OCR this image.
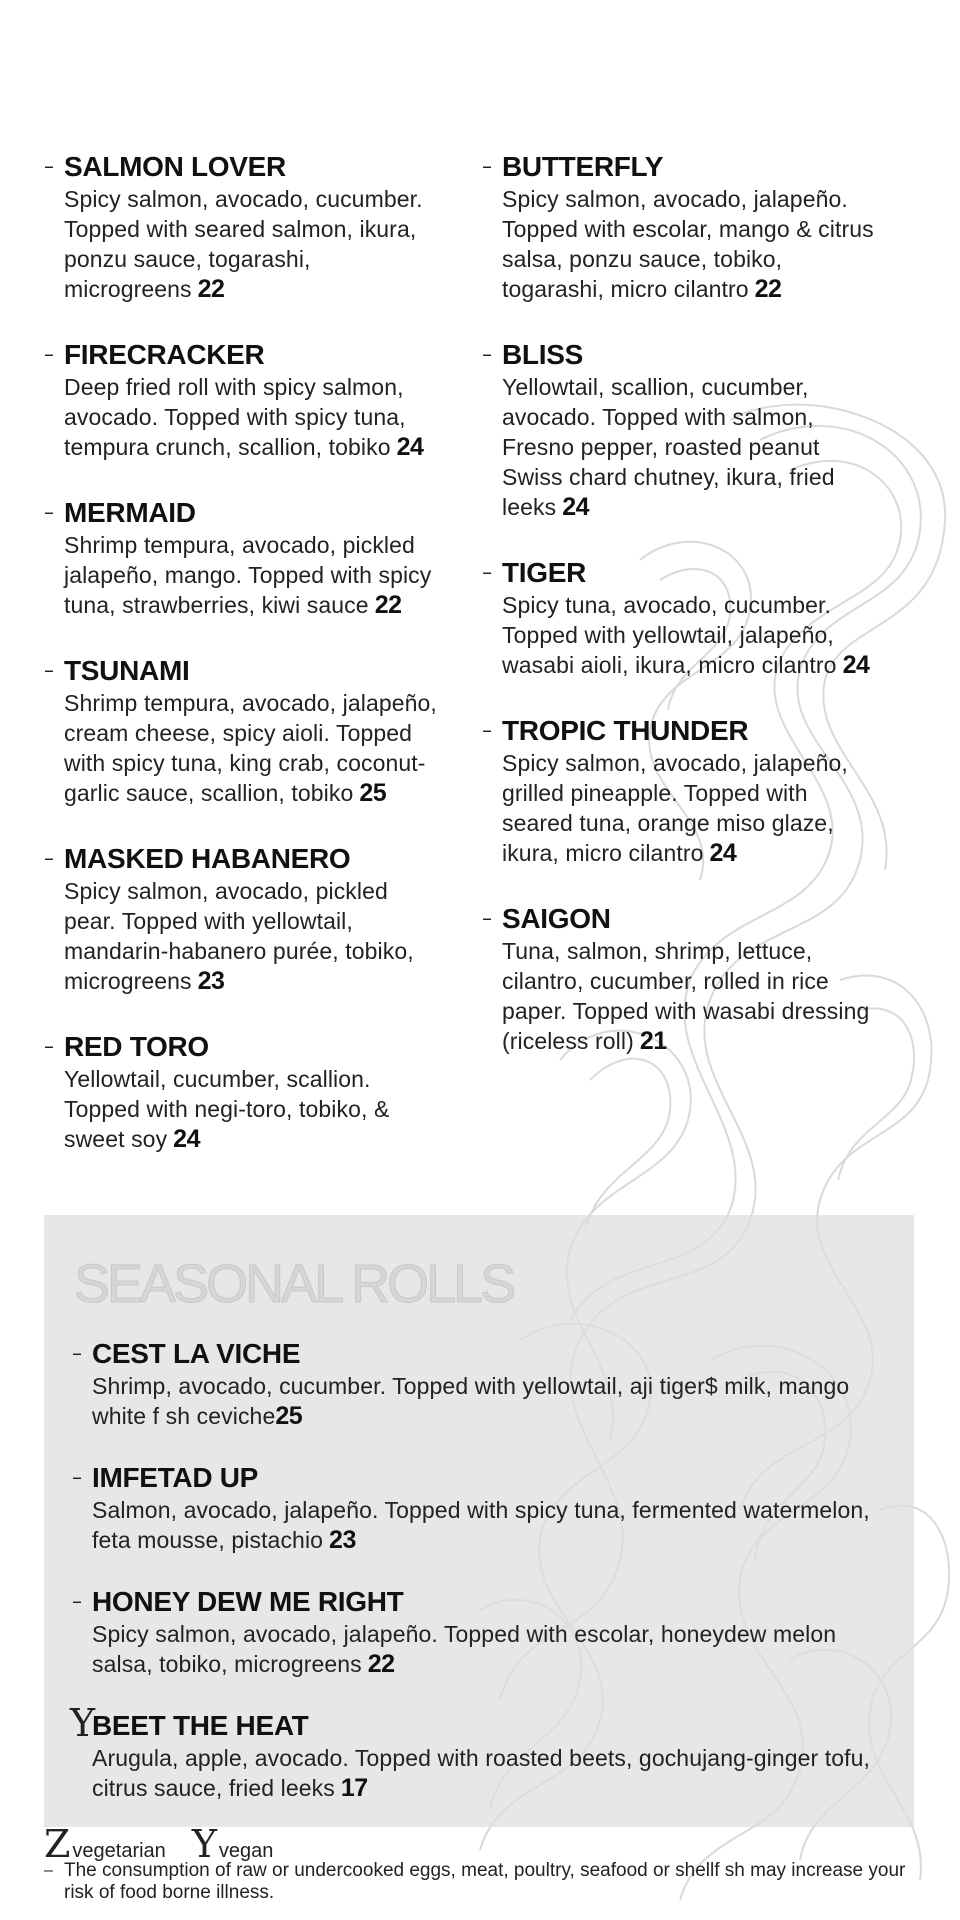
– SALMON LOVER
Spicy salmon, avocado, cucumber. Topped with seared salmon, ikura, ponzu sauce, togarashi, microgreens 22
– FIRECRACKER
Deep fried roll with spicy salmon, avocado. Topped with spicy tuna, tempura crunch, scallion, tobiko 24
– MERMAID
Shrimp tempura, avocado, pickled jalapeño, mango. Topped with spicy tuna, strawberries, kiwi sauce 22
– TSUNAMI
Shrimp tempura, avocado, jalapeño, cream cheese, spicy aioli. Topped with spicy tuna, king crab, coconut-garlic sauce, scallion, tobiko 25
– MASKED HABANERO
Spicy salmon, avocado, pickled pear. Topped with yellowtail, mandarin-habanero purée, tobiko, microgreens 23
– RED TORO
Yellowtail, cucumber, scallion. Topped with negi-toro, tobiko, & sweet soy 24
– BUTTERFLY
Spicy salmon, avocado, jalapeño. Topped with escolar, mango & citrus salsa, ponzu sauce, tobiko, togarashi, micro cilantro 22
– BLISS
Yellowtail, scallion, cucumber, avocado. Topped with salmon, Fresno pepper, roasted peanut Swiss chard chutney, ikura, fried leeks 24
– TIGER
Spicy tuna, avocado, cucumber. Topped with yellowtail, jalapeño, wasabi aioli, ikura, micro cilantro 24
– TROPIC THUNDER
Spicy salmon, avocado, jalapeño, grilled pineapple. Topped with seared tuna, orange miso glaze, ikura, micro cilantro 24
– SAIGON
Tuna, salmon, shrimp, lettuce, cilantro, cucumber, rolled in rice paper. Topped with wasabi dressing (riceless roll) 21
SEASONAL ROLLS
– CEST LA VICHE
Shrimp, avocado, cucumber. Topped with yellowtail, aji tiger$ milk, mango white f sh ceviche25
– IMFETAD UP
Salmon, avocado, jalapeño. Topped with spicy tuna, fermented watermelon, feta mousse, pistachio 23
– HONEY DEW ME RIGHT
Spicy salmon, avocado, jalapeño. Topped with escolar, honeydew melon salsa, tobiko, microgreens 22
Y
BEET THE HEAT
Arugula, apple, avocado. Topped with roasted beets, gochujang-ginger tofu, citrus sauce, fried leeks 17
Z vegetarian Y vegan
– The consumption of raw or undercooked eggs, meat, poultry, seafood or shellf sh may increase your risk of food borne illness.
